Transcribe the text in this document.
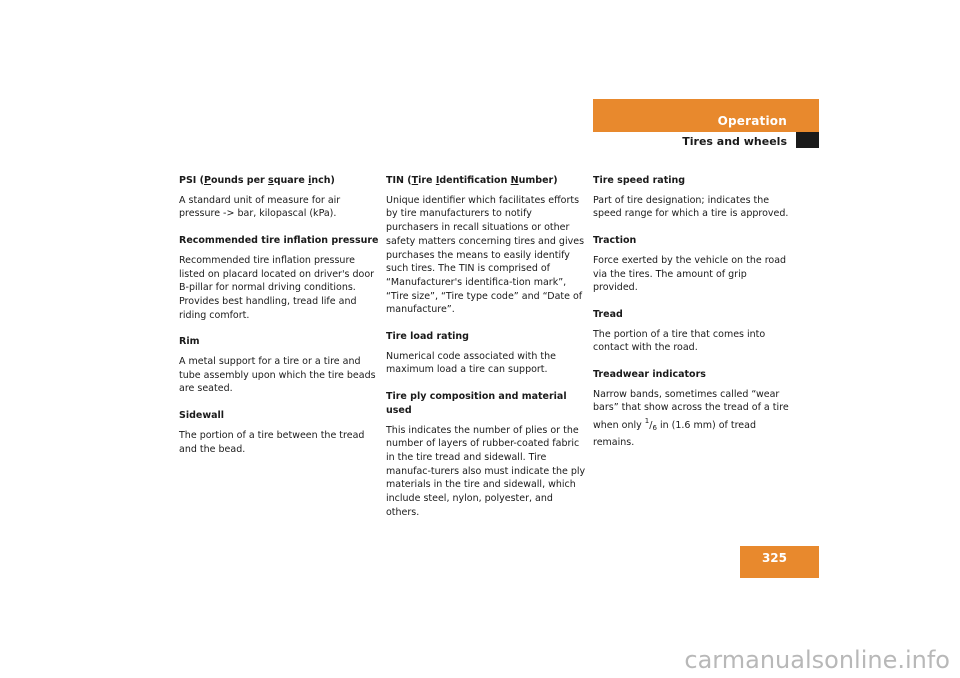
Operation
Tires and wheels

PSI (Pounds per square inch)

A standard unit of measure for air pressure -> bar, kilopascal (kPa).

Recommended tire inflation pressure

Recommended tire inflation pressure listed on placard located on driver's door B-pillar for normal driving conditions. Provides best handling, tread life and riding comfort.

Rim

A metal support for a tire or a tire and tube assembly upon which the tire beads are seated.

Sidewall

The portion of a tire between the tread and the bead.

TIN (Tire Identification Number)

Unique identifier which facilitates efforts by tire manufacturers to notify purchasers in recall situations or other safety matters concerning tires and gives purchases the means to easily identify such tires. The TIN is comprised of “Manufacturer's identifica-tion mark”, “Tire size”, “Tire type code” and “Date of manufacture”.

Tire load rating

Numerical code associated with the maximum load a tire can support.

Tire ply composition and material used

This indicates the number of plies or the number of layers of rubber-coated fabric in the tire tread and sidewall. Tire manufac-turers also must indicate the ply materials in the tire and sidewall, which include steel, nylon, polyester, and others.

Tire speed rating

Part of tire designation; indicates the speed range for which a tire is approved.

Traction

Force exerted by the vehicle on the road via the tires. The amount of grip provided.

Tread

The portion of a tire that comes into contact with the road.

Treadwear indicators

Narrow bands, sometimes called “wear bars” that show across the tread of a tire when only $^1/_6$ in (1.6 mm) of tread remains.

325
carmanualsonline.info
